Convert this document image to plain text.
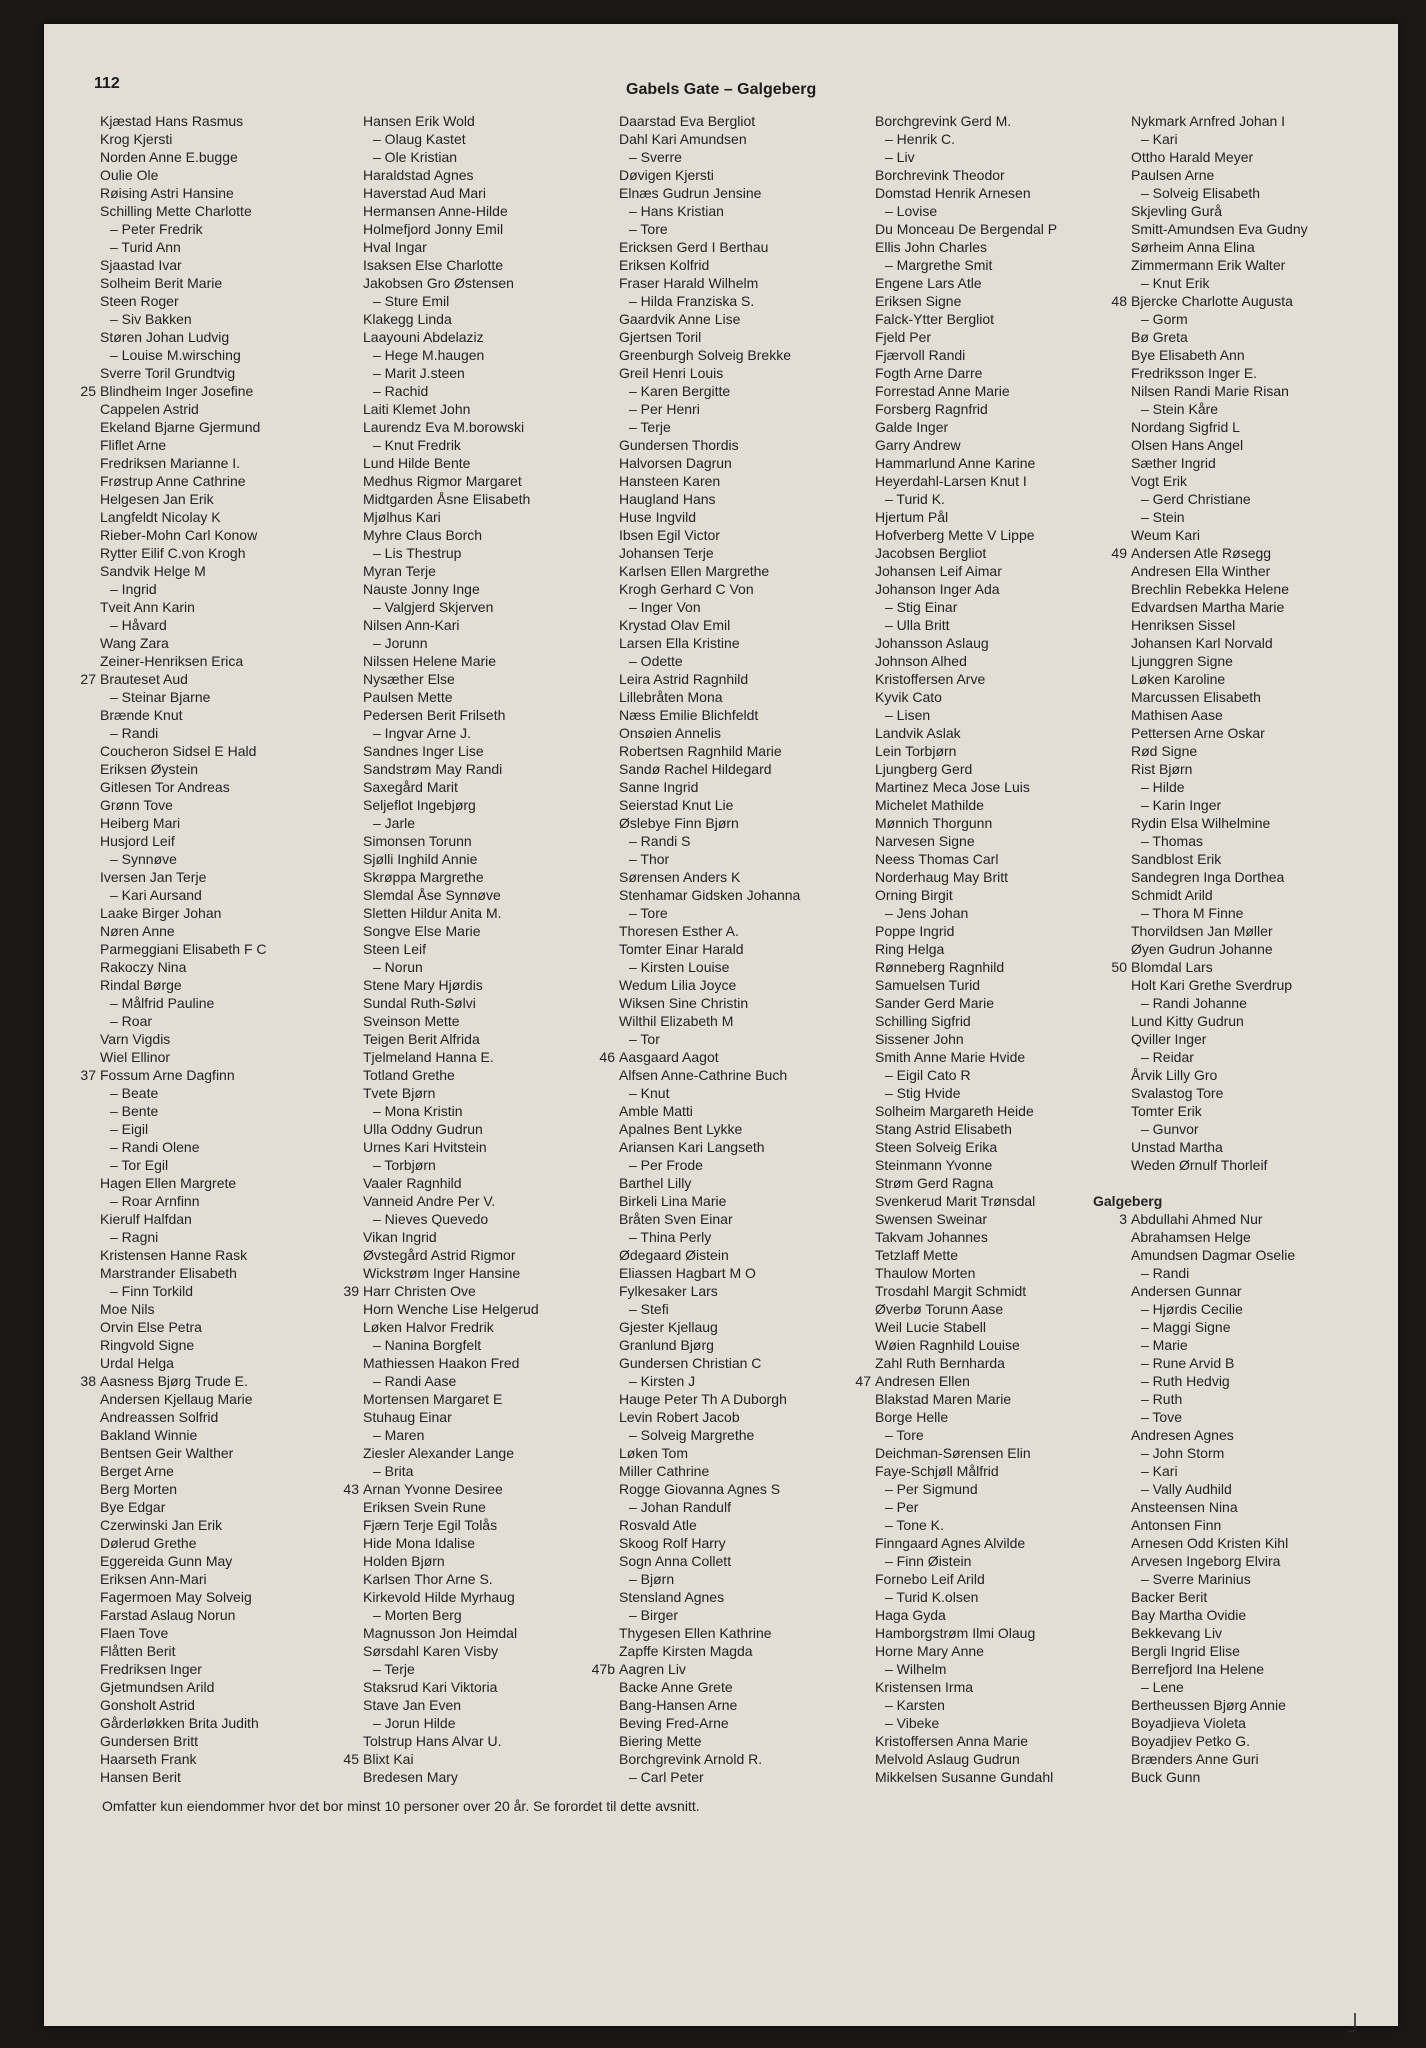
112	Gabels Gate – Galgeberg
Kjæstad Hans Rasmus
Krog Kjersti
Norden Anne E.bugge
Oulie Ole
Røising Astri Hansine
Schilling Mette Charlotte
– Peter Fredrik
– Turid Ann
Sjaastad Ivar
Solheim Berit Marie
Steen Roger
– Siv Bakken
Støren Johan Ludvig
– Louise M.wirsching
Sverre Toril Grundtvig
25 Blindheim Inger Josefine
Cappelen Astrid
Ekeland Bjarne Gjermund
Fliflet Arne
Fredriksen Marianne I.
Frøstrup Anne Cathrine
Helgesen Jan Erik
Langfeldt Nicolay K
Rieber-Mohn Carl Konow
Rytter Eilif C.von Krogh
Sandvik Helge M
– Ingrid
Tveit Ann Karin
– Håvard
Wang Zara
Zeiner-Henriksen Erica
27 Brauteset Aud
– Steinar Bjarne
Brænde Knut
– Randi
Coucheron Sidsel E Hald
Eriksen Øystein
Gitlesen Tor Andreas
Grønn Tove
Heiberg Mari
Husjord Leif
– Synnøve
Iversen Jan Terje
– Kari Aursand
Laake Birger Johan
Nøren Anne
Parmeggiani Elisabeth F C
Rakoczy Nina
Rindal Børge
– Målfrid Pauline
– Roar
Varn Vigdis
Wiel Ellinor
37 Fossum Arne Dagfinn
– Beate
– Bente
– Eigil
– Randi Olene
– Tor Egil
Hagen Ellen Margrete
– Roar Arnfinn
Kierulf Halfdan
– Ragni
Kristensen Hanne Rask
Marstrander Elisabeth
– Finn Torkild
Moe Nils
Orvin Else Petra
Ringvold Signe
Urdal Helga
38 Aasness Bjørg Trude E.
Andersen Kjellaug Marie
Andreassen Solfrid
Bakland Winnie
Bentsen Geir Walther
Berget Arne
Berg Morten
Bye Edgar
Czerwinski Jan Erik
Dølerud Grethe
Eggereida Gunn May
Eriksen Ann-Mari
Fagermoen May Solveig
Farstad Aslaug Norun
Flaen Tove
Flåtten Berit
Fredriksen Inger
Gjetmundsen Arild
Gonsholt Astrid
Gårderløkken Brita Judith
Gundersen Britt
Haarseth Frank
Hansen Berit
Hansen Erik Wold
– Olaug Kastet
– Ole Kristian
Haraldstad Agnes
Haverstad Aud Mari
Hermansen Anne-Hilde
Holmefjord Jonny Emil
Hval Ingar
Isaksen Else Charlotte
Jakobsen Gro Østensen
– Sture Emil
Klakegg Linda
Laayouni Abdelaziz
– Hege M.haugen
– Marit J.steen
– Rachid
Laiti Klemet John
Laurendz Eva M.borowski
– Knut Fredrik
Lund Hilde Bente
Medhus Rigmor Margaret
Midtgarden Åsne Elisabeth
Mjølhus Kari
Myhre Claus Borch
– Lis Thestrup
Myran Terje
Nauste Jonny Inge
– Valgjerd Skjerven
Nilsen Ann-Kari
– Jorunn
Nilssen Helene Marie
Nysæther Else
Paulsen Mette
Pedersen Berit Frilseth
– Ingvar Arne J.
Sandnes Inger Lise
Sandstrøm May Randi
Saxegård Marit
Seljeflot Ingebjørg
– Jarle
Simonsen Torunn
Sjølli Inghild Annie
Skrøppa Margrethe
Slemdal Åse Synnøve
Sletten Hildur Anita M.
Songve Else Marie
Steen Leif
– Norun
Stene Mary Hjørdis
Sundal Ruth-Sølvi
Sveinson Mette
Teigen Berit Alfrida
Tjelmeland Hanna E.
Totland Grethe
Tvete Bjørn
– Mona Kristin
Ulla Oddny Gudrun
Urnes Kari Hvitstein
– Torbjørn
Vaaler Ragnhild
Vanneid Andre Per V.
– Nieves Quevedo
Vikan Ingrid
Øvstegård Astrid Rigmor
Wickstrøm Inger Hansine
39 Harr Christen Ove
Horn Wenche Lise Helgerud
Løken Halvor Fredrik
– Nanina Borgfelt
Mathiessen Haakon Fred
– Randi Aase
Mortensen Margaret E
Stuhaug Einar
– Maren
Ziesler Alexander Lange
– Brita
43 Arnan Yvonne Desiree
Eriksen Svein Rune
Fjærn Terje Egil Tolås
Hide Mona Idalise
Holden Bjørn
Karlsen Thor Arne S.
Kirkevold Hilde Myrhaug
– Morten Berg
Magnusson Jon Heimdal
Sørsdahl Karen Visby
– Terje
Staksrud Kari Viktoria
Stave Jan Even
– Jorun Hilde
Tolstrup Hans Alvar U.
45 Blixt Kai
Bredesen Mary
Daarstad Eva Bergliot
Dahl Kari Amundsen
– Sverre
Døvigen Kjersti
Elnæs Gudrun Jensine
– Hans Kristian
– Tore
Ericksen Gerd I Berthau
Eriksen Kolfrid
Fraser Harald Wilhelm
– Hilda Franziska S.
Gaardvik Anne Lise
Gjertsen Toril
Greenburgh Solveig Brekke
Greil Henri Louis
– Karen Bergitte
– Per Henri
– Terje
Gundersen Thordis
Halvorsen Dagrun
Hansteen Karen
Haugland Hans
Huse Ingvild
Ibsen Egil Victor
Johansen Terje
Karlsen Ellen Margrethe
Krogh Gerhard C Von
– Inger Von
Krystad Olav Emil
Larsen Ella Kristine
– Odette
Leira Astrid Ragnhild
Lillebråten Mona
Næss Emilie Blichfeldt
Onsøien Annelis
Robertsen Ragnhild Marie
Sandø Rachel Hildegard
Sanne Ingrid
Seierstad Knut Lie
Øslebye Finn Bjørn
– Randi S
– Thor
Sørensen Anders K
Stenhamar Gidsken Johanna
– Tore
Thoresen Esther A.
Tomter Einar Harald
– Kirsten Louise
Wedum Lilia Joyce
Wiksen Sine Christin
Wilthil Elizabeth M
– Tor
46 Aasgaard Aagot
Alfsen Anne-Cathrine Buch
– Knut
Amble Matti
Apalnes Bent Lykke
Ariansen Kari Langseth
– Per Frode
Barthel Lilly
Birkeli Lina Marie
Bråten Sven Einar
– Thina Perly
Ødegaard Øistein
Eliassen Hagbart M O
Fylkesaker Lars
– Stefi
Gjester Kjellaug
Granlund Bjørg
Gundersen Christian C
– Kirsten J
Hauge Peter Th A Duborgh
Levin Robert Jacob
– Solveig Margrethe
Løken Tom
Miller Cathrine
Rogge Giovanna Agnes S
– Johan Randulf
Rosvald Atle
Skoog Rolf Harry
Sogn Anna Collett
– Bjørn
Stensland Agnes
– Birger
Thygesen Ellen Kathrine
Zapffe Kirsten Magda
47b Aagren Liv
Backe Anne Grete
Bang-Hansen Arne
Beving Fred-Arne
Biering Mette
Borchgrevink Arnold R.
– Carl Peter
Borchgrevink Gerd M.
– Henrik C.
– Liv
Borchrevink Theodor
Domstad Henrik Arnesen
– Lovise
Du Monceau De Bergendal P
Ellis John Charles
– Margrethe Smit
Engene Lars Atle
Eriksen Signe
Falck-Ytter Bergliot
Fjeld Per
Fjærvoll Randi
Fogth Arne Darre
Forrestad Anne Marie
Forsberg Ragnfrid
Galde Inger
Garry Andrew
Hammarlund Anne Karine
Heyerdahl-Larsen Knut I
– Turid K.
Hjertum Pål
Hofverberg Mette V Lippe
Jacobsen Bergliot
Johansen Leif Aimar
Johanson Inger Ada
– Stig Einar
– Ulla Britt
Johansson Aslaug
Johnson Alhed
Kristoffersen Arve
Kyvik Cato
– Lisen
Landvik Aslak
Lein Torbjørn
Ljungberg Gerd
Martinez Meca Jose Luis
Michelet Mathilde
Mønnich Thorgunn
Narvesen Signe
Neess Thomas Carl
Norderhaug May Britt
Orning Birgit
– Jens Johan
Poppe Ingrid
Ring Helga
Rønneberg Ragnhild
Samuelsen Turid
Sander Gerd Marie
Schilling Sigfrid
Sissener John
Smith Anne Marie Hvide
– Eigil Cato R
– Stig Hvide
Solheim Margareth Heide
Stang Astrid Elisabeth
Steen Solveig Erika
Steinmann Yvonne
Strøm Gerd Ragna
Svenkerud Marit Trønsdal
Swensen Sweinar
Takvam Johannes
Tetzlaff Mette
Thaulow Morten
Trosdahl Margit Schmidt
Øverbø Torunn Aase
Weil Lucie Stabell
Wøien Ragnhild Louise
Zahl Ruth Bernharda
47 Andresen Ellen
Blakstad Maren Marie
Borge Helle
– Tore
Deichman-Sørensen Elin
Faye-Schjøll Målfrid
– Per Sigmund
– Per
– Tone K.
Finngaard Agnes Alvilde
– Finn Øistein
Fornebo Leif Arild
– Turid K.olsen
Haga Gyda
Hamborgstrøm Ilmi Olaug
Horne Mary Anne
– Wilhelm
Kristensen Irma
– Karsten
– Vibeke
Kristoffersen Anna Marie
Melvold Aslaug Gudrun
Mikkelsen Susanne Gundahl
Nykmark Arnfred Johan I
– Kari
Ottho Harald Meyer
Paulsen Arne
– Solveig Elisabeth
Skjevling Gurå
Smitt-Amundsen Eva Gudny
Sørheim Anna Elina
Zimmermann Erik Walter
– Knut Erik
48 Bjercke Charlotte Augusta
– Gorm
Bø Greta
Bye Elisabeth Ann
Fredriksson Inger E.
Nilsen Randi Marie Risan
– Stein Kåre
Nordang Sigfrid L
Olsen Hans Angel
Sæther Ingrid
Vogt Erik
– Gerd Christiane
– Stein
Weum Kari
49 Andersen Atle Røsegg
Andresen Ella Winther
Brechlin Rebekka Helene
Edvardsen Martha Marie
Henriksen Sissel
Johansen Karl Norvald
Ljunggren Signe
Løken Karoline
Marcussen Elisabeth
Mathisen Aase
Pettersen Arne Oskar
Rød Signe
Rist Bjørn
– Hilde
– Karin Inger
Rydin Elsa Wilhelmine
– Thomas
Sandblost Erik
Sandegren Inga Dorthea
Schmidt Arild
– Thora M Finne
Thorvildsen Jan Møller
Øyen Gudrun Johanne
50 Blomdal Lars
Holt Kari Grethe Sverdrup
– Randi Johanne
Lund Kitty Gudrun
Qviller Inger
– Reidar
Årvik Lilly Gro
Svalastog Tore
Tomter Erik
– Gunvor
Unstad Martha
Weden Ørnulf Thorleif
Galgeberg
3 Abdullahi Ahmed Nur
Abrahamsen Helge
Amundsen Dagmar Oselie
– Randi
Andersen Gunnar
– Hjørdis Cecilie
– Maggi Signe
– Marie
– Rune Arvid B
– Ruth Hedvig
– Ruth
– Tove
Andresen Agnes
– John Storm
– Kari
– Vally Audhild
Ansteensen Nina
Antonsen Finn
Arnesen Odd Kristen Kihl
Arvesen Ingeborg Elvira
– Sverre Marinius
Backer Berit
Bay Martha Ovidie
Bekkevang Liv
Bergli Ingrid Elise
Berrefjord Ina Helene
– Lene
Bertheussen Bjørg Annie
Boyadjieva Violeta
Boyadjiev Petko G.
Brænders Anne Guri
Buck Gunn
Omfatter kun eiendommer hvor det bor minst 10 personer over 20 år. Se forordet til dette avsnitt.
